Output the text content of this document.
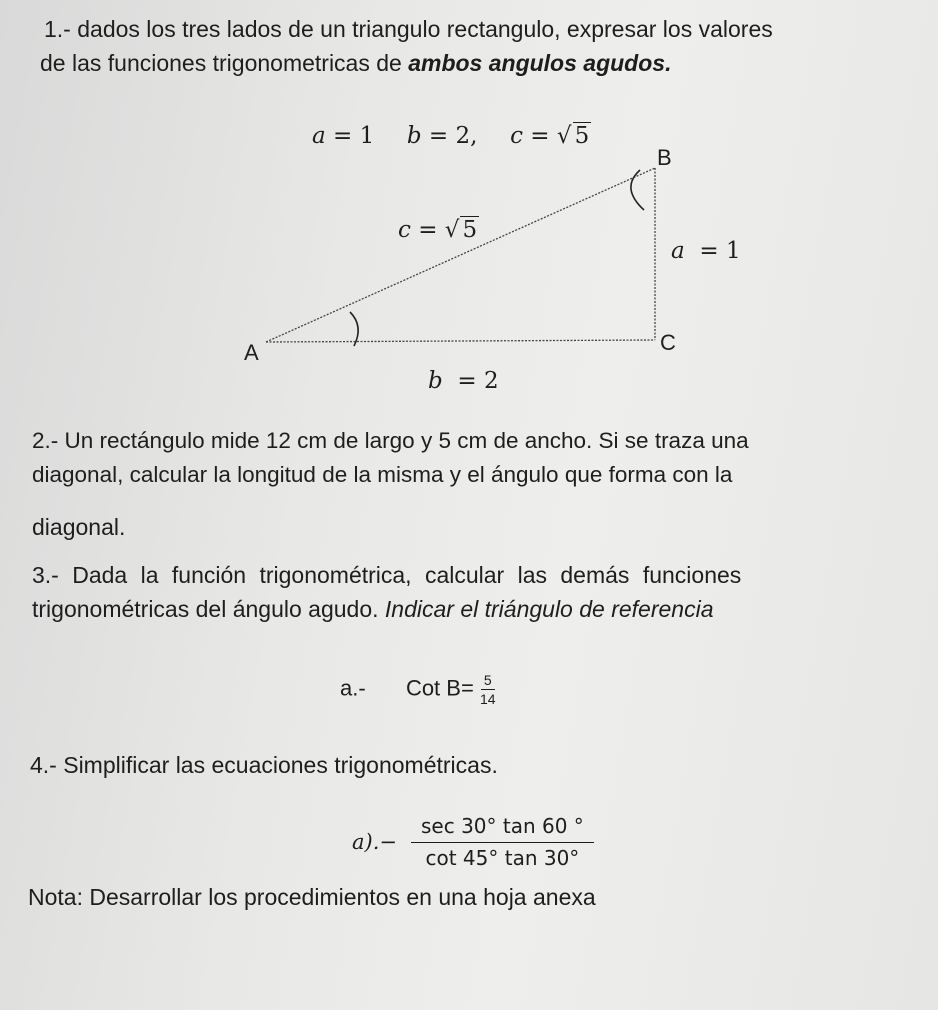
1.- dados los tres lados de un triangulo rectangulo, expresar los valores
de las funciones trigonometricas de ambos angulos agudos.
a = 1 b = 2, c = √ 5
B
A	C
c = √ 5
a  = 1
b  = 2
2.- Un rectángulo mide 12 cm de largo y 5 cm de ancho. Si se traza una
diagonal, calcular la longitud de la misma y el ángulo que forma con la
diagonal.
3.- Dada la función trigonométrica, calcular las demás funciones
trigonométricas del ángulo agudo. Indicar el triángulo de referencia
a.- Cot $B= \frac{5}{14}$
4.- Simplificar las ecuaciones trigonométricas.
$a).- \frac{\sec 30^\circ \tan 60 ^\circ}{\cot 45^\circ \tan 30^\circ}$
Nota: Desarrollar los procedimientos en una hoja anexa
